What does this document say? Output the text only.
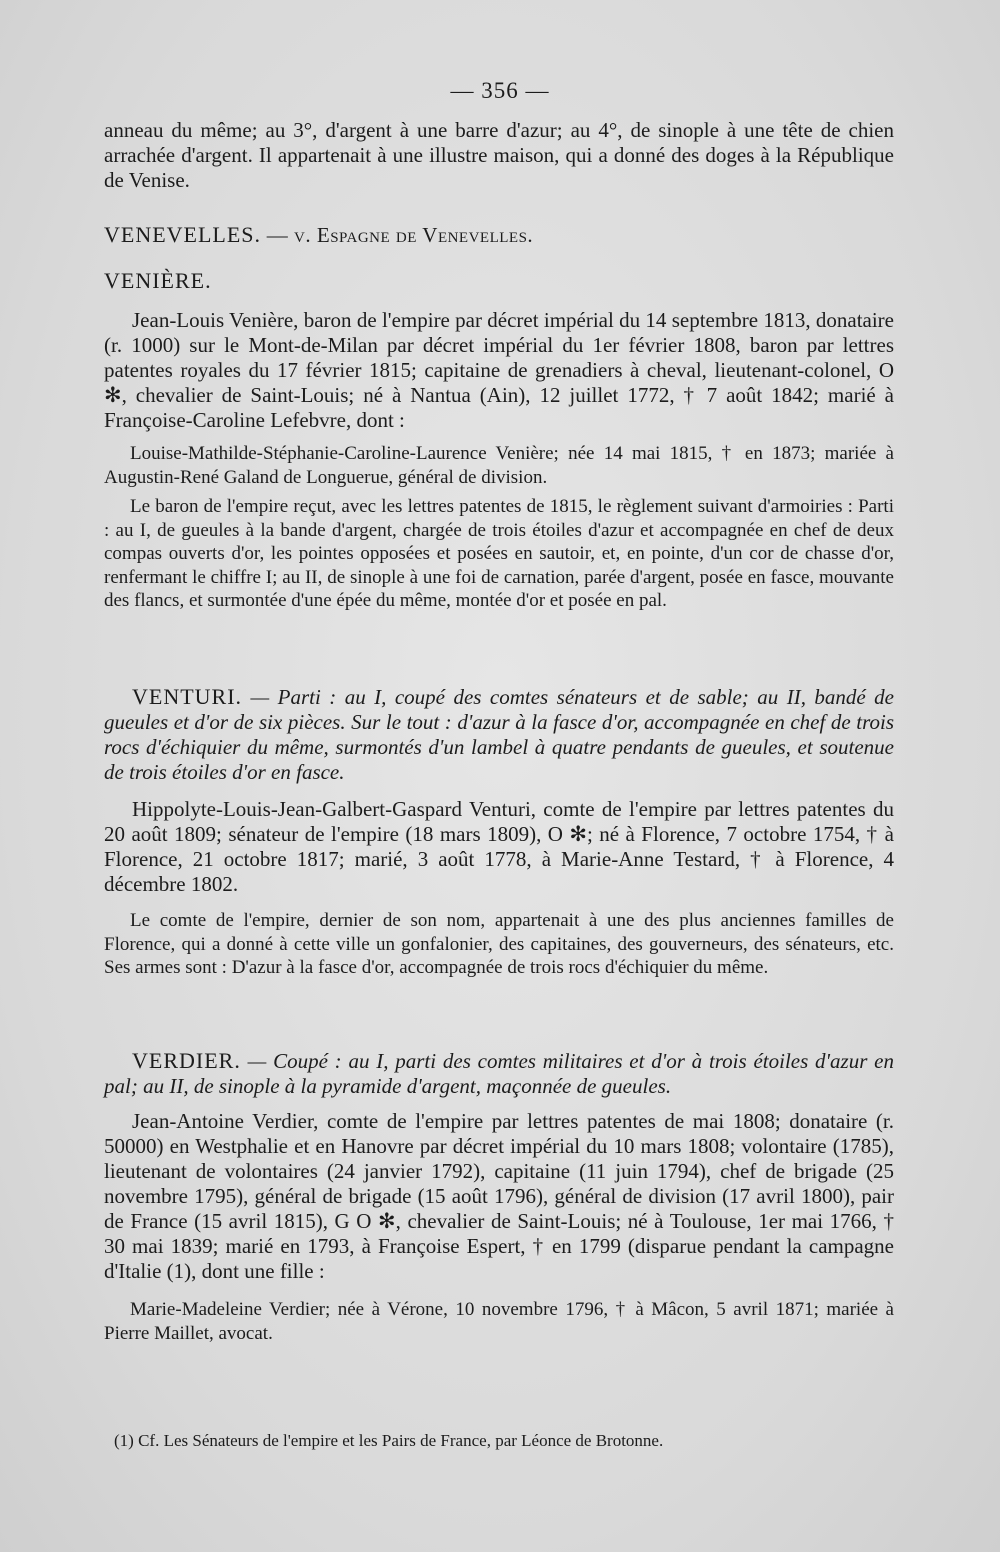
— 356 —

anneau du même; au 3°, d'argent à une barre d'azur; au 4°, de sinople à une tête de chien arrachée d'argent. Il appartenait à une illustre maison, qui a donné des doges à la République de Venise.

VENEVELLES. — v. Espagne de Venevelles.

VENIÈRE.

Jean-Louis Venière, baron de l'empire par décret impérial du 14 septembre 1813, donataire (r. 1000) sur le Mont-de-Milan par décret impérial du 1er février 1808, baron par lettres patentes royales du 17 février 1815; capitaine de grenadiers à cheval, lieutenant-colonel, O ✻, chevalier de Saint-Louis; né à Nantua (Ain), 12 juillet 1772, † 7 août 1842; marié à Françoise-Caroline Lefebvre, dont :

Louise-Mathilde-Stéphanie-Caroline-Laurence Venière; née 14 mai 1815, † en 1873; mariée à Augustin-René Galand de Longuerue, général de division.

Le baron de l'empire reçut, avec les lettres patentes de 1815, le règlement suivant d'armoiries : Parti : au I, de gueules à la bande d'argent, chargée de trois étoiles d'azur et accompagnée en chef de deux compas ouverts d'or, les pointes opposées et posées en sautoir, et, en pointe, d'un cor de chasse d'or, renfermant le chiffre I; au II, de sinople à une foi de carnation, parée d'argent, posée en fasce, mouvante des flancs, et surmontée d'une épée du même, montée d'or et posée en pal.

VENTURI. — Parti : au I, coupé des comtes sénateurs et de sable; au II, bandé de gueules et d'or de six pièces. Sur le tout : d'azur à la fasce d'or, accompagnée en chef de trois rocs d'échiquier du même, surmontés d'un lambel à quatre pendants de gueules, et soutenue de trois étoiles d'or en fasce.

Hippolyte-Louis-Jean-Galbert-Gaspard Venturi, comte de l'empire par lettres patentes du 20 août 1809; sénateur de l'empire (18 mars 1809), O ✻; né à Florence, 7 octobre 1754, † à Florence, 21 octobre 1817; marié, 3 août 1778, à Marie-Anne Testard, † à Florence, 4 décembre 1802.

Le comte de l'empire, dernier de son nom, appartenait à une des plus anciennes familles de Florence, qui a donné à cette ville un gonfalonier, des capitaines, des gouverneurs, des sénateurs, etc. Ses armes sont : D'azur à la fasce d'or, accompagnée de trois rocs d'échiquier du même.

VERDIER. — Coupé : au I, parti des comtes militaires et d'or à trois étoiles d'azur en pal; au II, de sinople à la pyramide d'argent, maçonnée de gueules.

Jean-Antoine Verdier, comte de l'empire par lettres patentes de mai 1808; donataire (r. 50000) en Westphalie et en Hanovre par décret impérial du 10 mars 1808; volontaire (1785), lieutenant de volontaires (24 janvier 1792), capitaine (11 juin 1794), chef de brigade (25 novembre 1795), général de brigade (15 août 1796), général de division (17 avril 1800), pair de France (15 avril 1815), G O ✻, chevalier de Saint-Louis; né à Toulouse, 1er mai 1766, † 30 mai 1839; marié en 1793, à Françoise Espert, † en 1799 (disparue pendant la campagne d'Italie (1), dont une fille :

Marie-Madeleine Verdier; née à Vérone, 10 novembre 1796, † à Mâcon, 5 avril 1871; mariée à Pierre Maillet, avocat.

(1) Cf. Les Sénateurs de l'empire et les Pairs de France, par Léonce de Brotonne.
